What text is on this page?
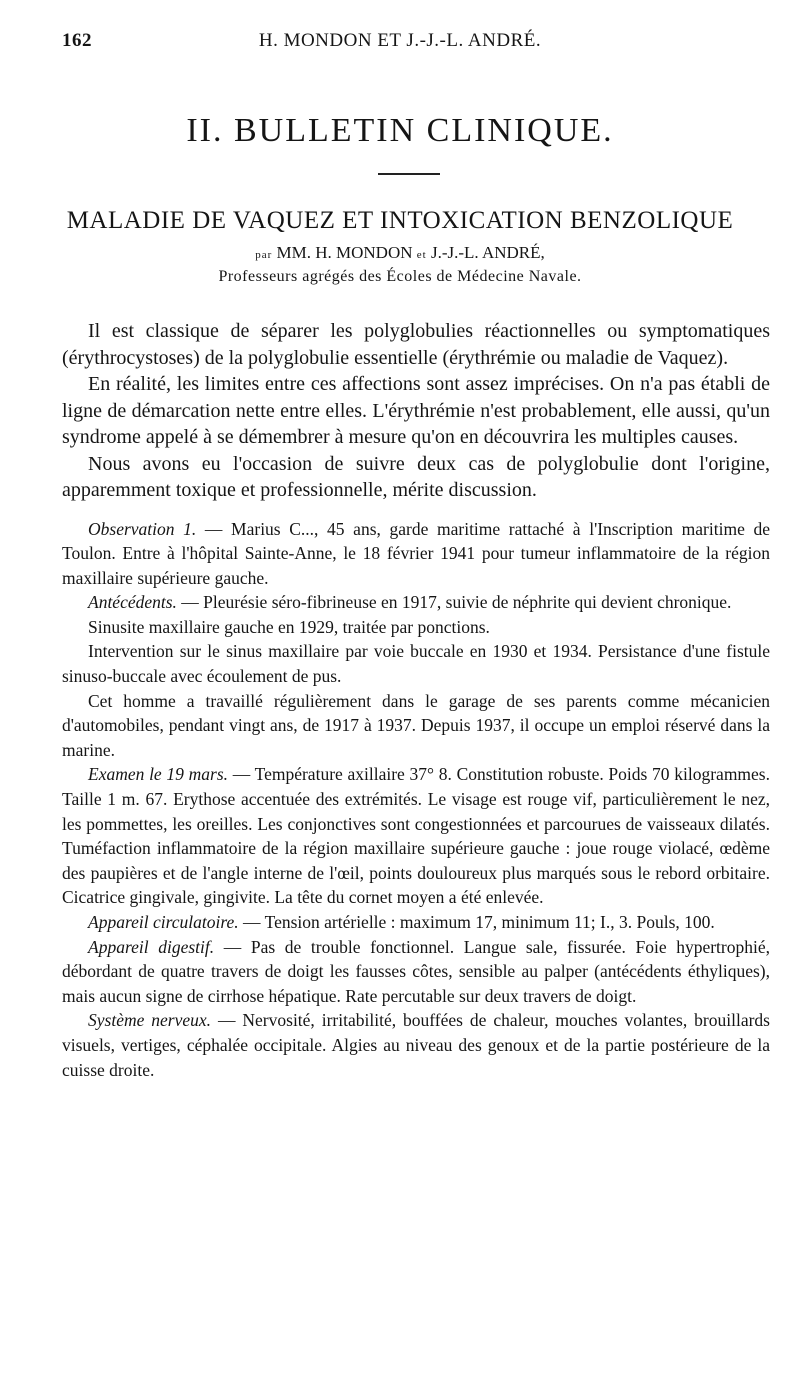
162	H. MONDON ET J.-J.-L. ANDRÉ.
II. BULLETIN CLINIQUE.
MALADIE DE VAQUEZ ET INTOXICATION BENZOLIQUE
par MM. H. MONDON et J.-J.-L. ANDRÉ,
Professeurs agrégés des Écoles de Médecine Navale.

Il est classique de séparer les polyglobulies réactionnelles ou symptomatiques (érythrocystoses) de la polyglobulie essentielle (érythrémie ou maladie de Vaquez).

En réalité, les limites entre ces affections sont assez imprécises. On n'a pas établi de ligne de démarcation nette entre elles. L'érythrémie n'est probablement, elle aussi, qu'un syndrome appelé à se démembrer à mesure qu'on en découvrira les multiples causes.

Nous avons eu l'occasion de suivre deux cas de polyglobulie dont l'origine, apparemment toxique et professionnelle, mérite discussion.

Observation 1. — Marius C..., 45 ans, garde maritime rattaché à l'Inscription maritime de Toulon. Entre à l'hôpital Sainte-Anne, le 18 février 1941 pour tumeur inflammatoire de la région maxillaire supérieure gauche.

Antécédents. — Pleurésie séro-fibrineuse en 1917, suivie de néphrite qui devient chronique.

Sinusite maxillaire gauche en 1929, traitée par ponctions.

Intervention sur le sinus maxillaire par voie buccale en 1930 et 1934. Persistance d'une fistule sinuso-buccale avec écoulement de pus.

Cet homme a travaillé régulièrement dans le garage de ses parents comme mécanicien d'automobiles, pendant vingt ans, de 1917 à 1937. Depuis 1937, il occupe un emploi réservé dans la marine.

Examen le 19 mars. — Température axillaire 37° 8. Constitution robuste. Poids 70 kilogrammes. Taille 1 m. 67. Erythose accentuée des extrémités. Le visage est rouge vif, particulièrement le nez, les pommettes, les oreilles. Les conjonctives sont congestionnées et parcourues de vaisseaux dilatés. Tuméfaction inflammatoire de la région maxillaire supérieure gauche : joue rouge violacé, œdème des paupières et de l'angle interne de l'œil, points douloureux plus marqués sous le rebord orbitaire. Cicatrice gingivale, gingivite. La tête du cornet moyen a été enlevée.

Appareil circulatoire. — Tension artérielle : maximum 17, minimum 11; I., 3. Pouls, 100.

Appareil digestif. — Pas de trouble fonctionnel. Langue sale, fissurée. Foie hypertrophié, débordant de quatre travers de doigt les fausses côtes, sensible au palper (antécédents éthyliques), mais aucun signe de cirrhose hépatique. Rate percutable sur deux travers de doigt.

Système nerveux. — Nervosité, irritabilité, bouffées de chaleur, mouches volantes, brouillards visuels, vertiges, céphalée occipitale. Algies au niveau des genoux et de la partie postérieure de la cuisse droite.
